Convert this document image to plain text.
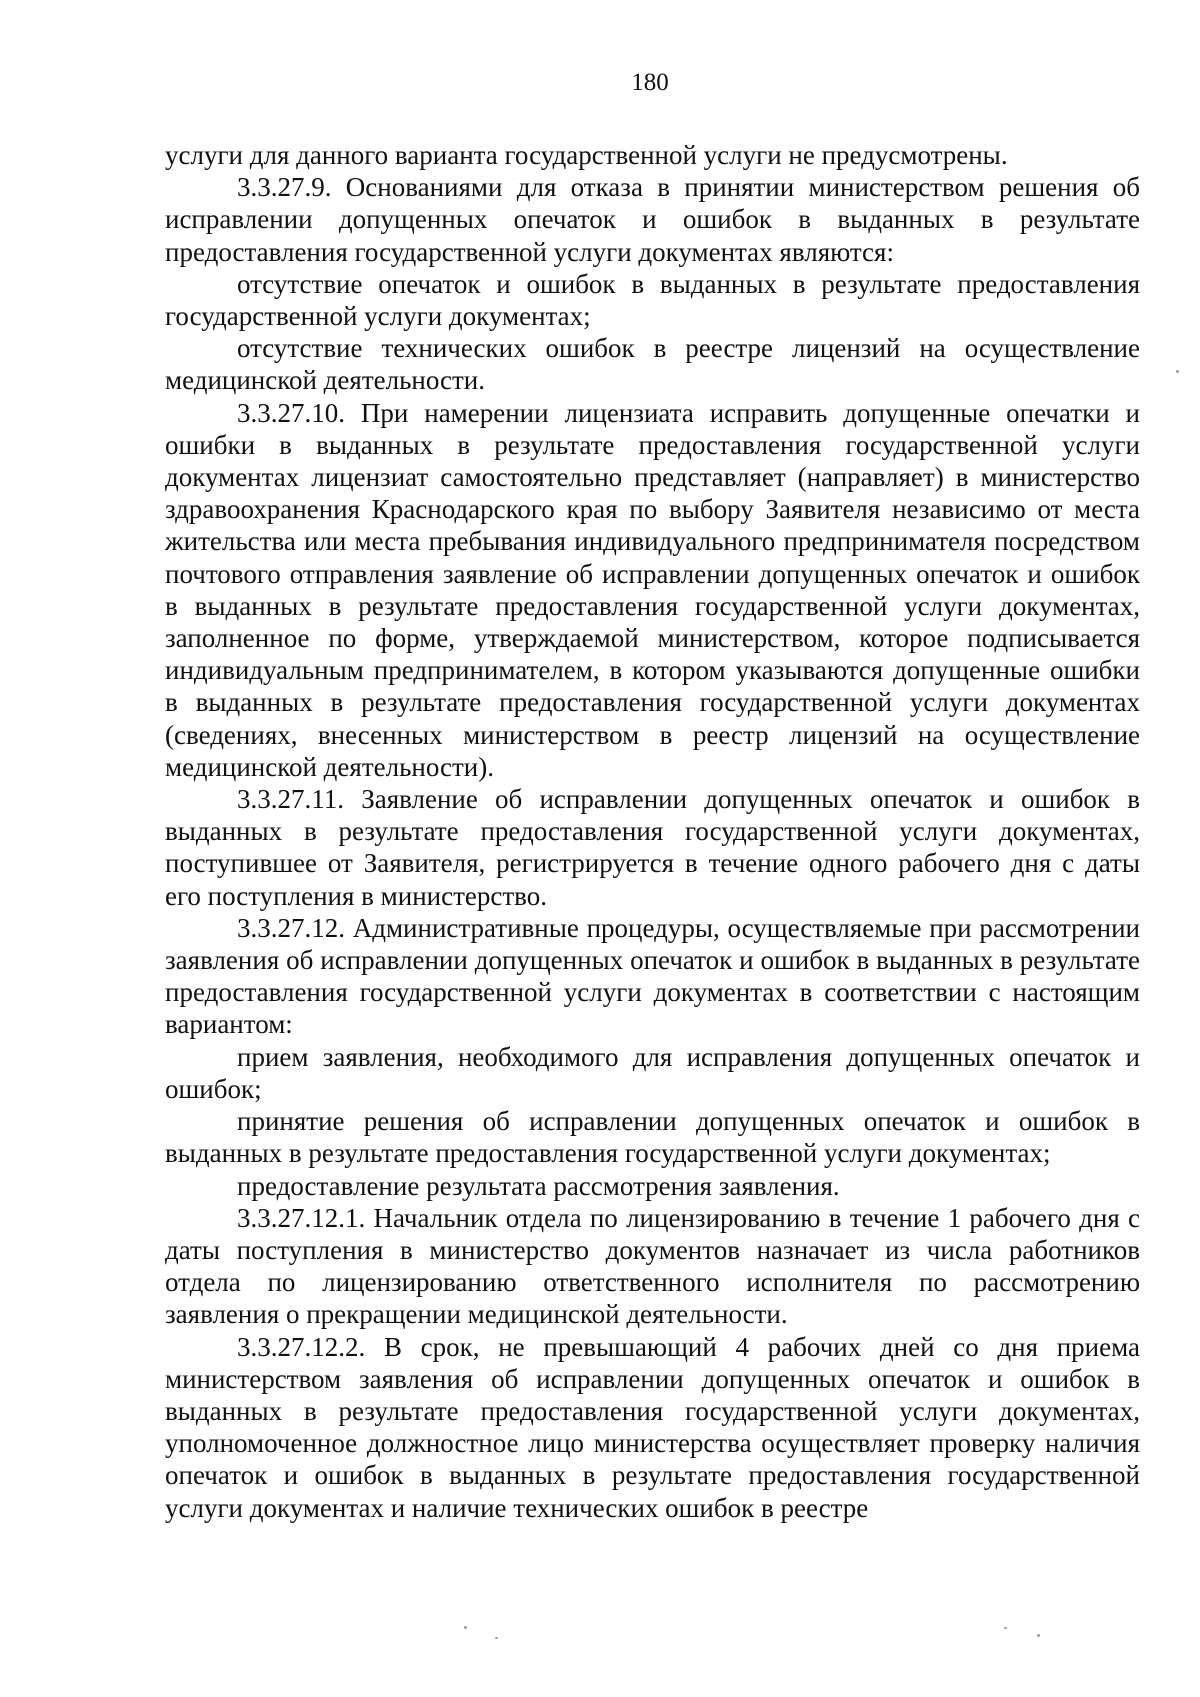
180

услуги для данного варианта государственной услуги не предусмотрены.

3.3.27.9. Основаниями для отказа в принятии министерством решения об исправлении допущенных опечаток и ошибок в выданных в результате предоставления государственной услуги документах являются:

отсутствие опечаток и ошибок в выданных в результате предоставления государственной услуги документах;

отсутствие технических ошибок в реестре лицензий на осуществление медицинской деятельности.

3.3.27.10. При намерении лицензиата исправить допущенные опечатки и ошибки в выданных в результате предоставления государственной услуги документах лицензиат самостоятельно представляет (направляет) в министерство здравоохранения Краснодарского края по выбору Заявителя независимо от места жительства или места пребывания индивидуального предпринимателя посредством почтового отправления заявление об исправлении допущенных опечаток и ошибок в выданных в результате предоставления государственной услуги документах, заполненное по форме, утверждаемой министерством, которое подписывается индивидуальным предпринимателем, в котором указываются допущенные ошибки в выданных в результате предоставления государственной услуги документах (сведениях, внесенных министерством в реестр лицензий на осуществление медицинской деятельности).

3.3.27.11. Заявление об исправлении допущенных опечаток и ошибок в выданных в результате предоставления государственной услуги документах, поступившее от Заявителя, регистрируется в течение одного рабочего дня с даты его поступления в министерство.

3.3.27.12. Административные процедуры, осуществляемые при рассмотрении заявления об исправлении допущенных опечаток и ошибок в выданных в результате предоставления государственной услуги документах в соответствии с настоящим вариантом:

прием заявления, необходимого для исправления допущенных опечаток и ошибок;

принятие решения об исправлении допущенных опечаток и ошибок в выданных в результате предоставления государственной услуги документах;

предоставление результата рассмотрения заявления.

3.3.27.12.1. Начальник отдела по лицензированию в течение 1 рабочего дня с даты поступления в министерство документов назначает из числа работников отдела по лицензированию ответственного исполнителя по рассмотрению заявления о прекращении медицинской деятельности.

3.3.27.12.2. В срок, не превышающий 4 рабочих дней со дня приема министерством заявления об исправлении допущенных опечаток и ошибок в выданных в результате предоставления государственной услуги документах, уполномоченное должностное лицо министерства осуществляет проверку наличия опечаток и ошибок в выданных в результате предоставления государственной услуги документах и наличие технических ошибок в реестре
